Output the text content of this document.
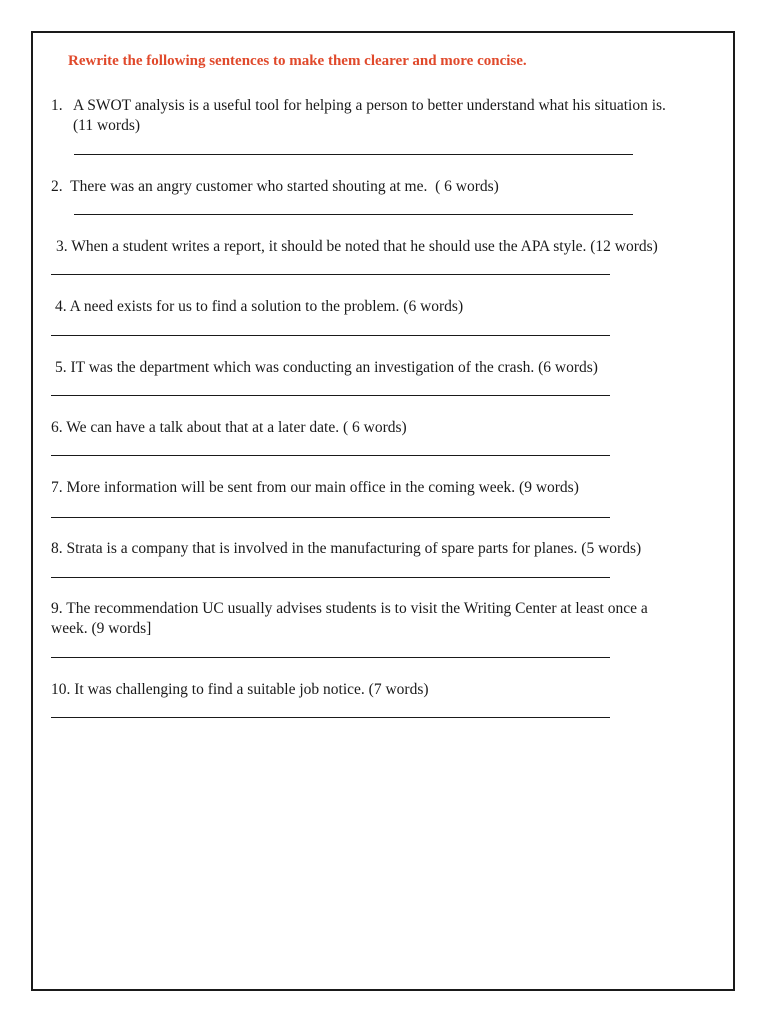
Rewrite the following sentences to make them clearer and more concise.

1. A SWOT analysis is a useful tool for helping a person to better understand what his situation is.
(11 words)

2.  There was an angry customer who started shouting at me.  ( 6 words)

3. When a student writes a report, it should be noted that he should use the APA style. (12 words)

4. A need exists for us to find a solution to the problem. (6 words)

5. IT was the department which was conducting an investigation of the crash. (6 words)

6. We can have a talk about that at a later date. ( 6 words)

7. More information will be sent from our main office in the coming week. (9 words)

8. Strata is a company that is involved in the manufacturing of spare parts for planes. (5 words)

9. The recommendation UC usually advises students is to visit the Writing Center at least once a
week. (9 words]

10. It was challenging to find a suitable job notice. (7 words)
